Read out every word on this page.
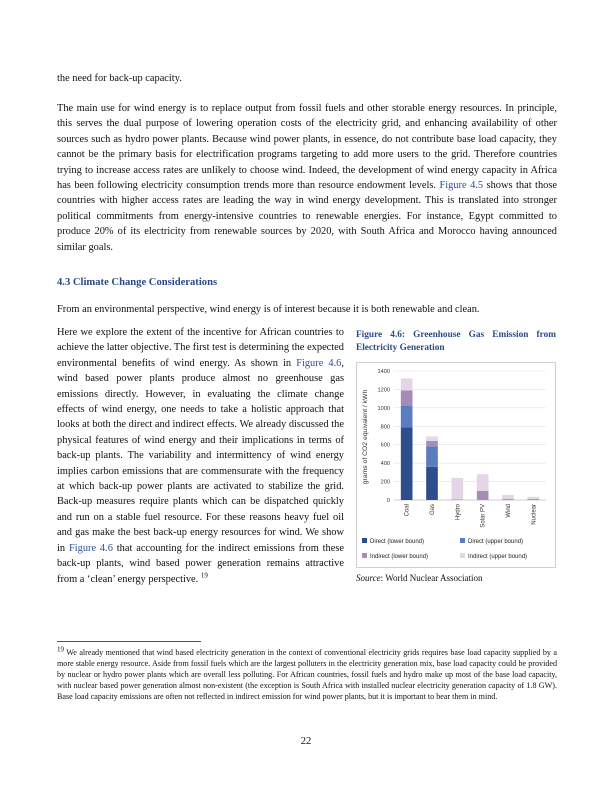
the need for back-up capacity.

The main use for wind energy is to replace output from fossil fuels and other storable energy resources. In principle, this serves the dual purpose of lowering operation costs of the electricity grid, and enhancing availability of other sources such as hydro power plants. Because wind power plants, in essence, do not contribute base load capacity, they cannot be the primary basis for electrification programs targeting to add more users to the grid. Therefore countries trying to increase access rates are unlikely to choose wind. Indeed, the development of wind energy capacity in Africa has been following electricity consumption trends more than resource endowment levels. Figure 4.5 shows that those countries with higher access rates are leading the way in wind energy development. This is translated into stronger political commitments from energy-intensive countries to renewable energies. For instance, Egypt committed to produce 20% of its electricity from renewable sources by 2020, with South Africa and Morocco having announced similar goals.

4.3 Climate Change Considerations

From an environmental perspective, wind energy is of interest because it is both renewable and clean.

Here we explore the extent of the incentive for African countries to achieve the latter objective. The first test is determining the expected environmental benefits of wind energy. As shown in Figure 4.6, wind based power plants produce almost no greenhouse gas emissions directly. However, in evaluating the climate change effects of wind energy, one needs to take a holistic approach that looks at both the direct and indirect effects. We already discussed the physical features of wind energy and their implications in terms of back-up plants. The variability and intermittency of wind energy implies carbon emissions that are commensurate with the frequency at which back-up power plants are activated to stabilize the grid. Back-up measures require plants which can be dispatched quickly and run on a stable fuel resource. For these reasons heavy fuel oil and gas make the best back-up energy resources for wind. We show in Figure 4.6 that accounting for the indirect emissions from these back-up plants, wind based power generation remains attractive from a ‘clean’ energy perspective. $^{19}$

Figure 4.6: Greenhouse Gas Emission from Electricity Generation

0
200
400
600
800
1000
1200
1400
Coal	Gas	Hydro	Solar PV	Wind	Nuclear
grams of CO2 equivalent / kWh
Direct (lower bound)	Direct (upper bound)
Indirect (lower bound)	Indirect (upper bound)

Source: World Nuclear Association

$^{19}$ We already mentioned that wind based electricity generation in the context of conventional electricity grids requires base load capacity supplied by a more stable energy resource. Aside from fossil fuels which are the largest polluters in the electricity generation mix, base load capacity could be provided by nuclear or hydro power plants which are overall less polluting. For African countries, fossil fuels and hydro make up most of the base load capacity, with nuclear based power generation almost non-existent (the exception is South Africa with installed nuclear electricity generation capacity of 1.8 GW). Base load capacity emissions are often not reflected in indirect emission for wind power plants, but it is important to bear them in mind.

22
